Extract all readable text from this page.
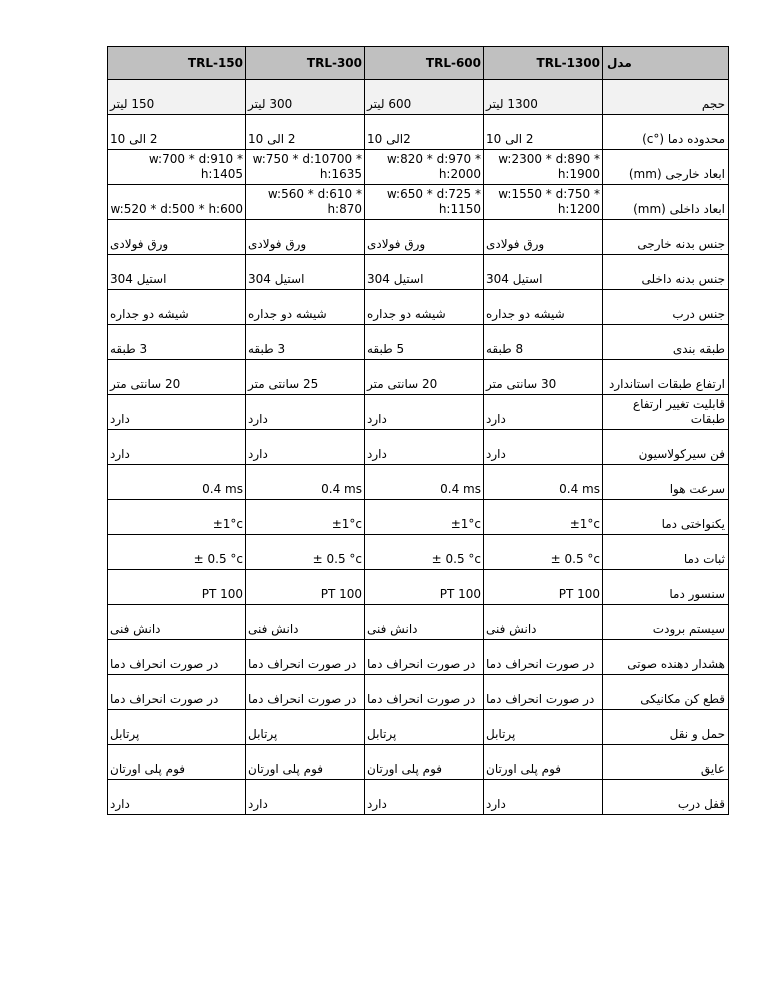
مدل	TRL-1300	TRL-600	TRL-300	TRL-150
حجم	1300 لیتر	600 لیتر	300 لیتر	150 لیتر
محدوده دما (°c)	2 الی 10	2الی 10	2 الی 10	2 الی 10
ابعاد خارجی (mm)	w:2300 * d:890 * h:1900	w:820 * d:970 * h:2000	w:750 * d:10700 * h:1635	w:700 * d:910 * h:1405
ابعاد داخلی (mm)	w:1550 * d:750 * h:1200	w:650 * d:725 * h:1150	w:560 * d:610 * h:870	w:520 * d:500 * h:600
جنس بدنه خارجی	ورق فولادی	ورق فولادی	ورق فولادی	ورق فولادی
جنس بدنه داخلی	استیل 304	استیل 304	استیل 304	استیل 304
جنس درب	شیشه دو جداره	شیشه دو جداره	شیشه دو جداره	شیشه دو جداره
طبقه بندی	8 طبقه	5 طبقه	3 طبقه	3 طبقه
ارتفاع طبقات استاندارد	30 سانتی متر	20 سانتی متر	25 سانتی متر	20 سانتی متر
قابلیت تغییر ارتفاع طبقات	دارد	دارد	دارد	دارد
فن سیرکولاسیون	دارد	دارد	دارد	دارد
سرعت هوا	0.4 ms	0.4 ms	0.4 ms	0.4 ms
یکنواختی دما	±1°c	±1°c	±1°c	±1°c
ثبات دما	± 0.5 °c	± 0.5 °c	± 0.5 °c	± 0.5 °c
سنسور دما	PT 100	PT 100	PT 100	PT 100
سیستم برودت	دانش فنی	دانش فنی	دانش فنی	دانش فنی
هشدار دهنده صوتی	در صورت انحراف دما	در صورت انحراف دما	در صورت انحراف دما	در صورت انحراف دما
قطع کن مکانیکی	در صورت انحراف دما	در صورت انحراف دما	در صورت انحراف دما	در صورت انحراف دما
حمل و نقل	پرتابل	پرتابل	پرتابل	پرتابل
عایق	فوم پلی اورتان	فوم پلی اورتان	فوم پلی اورتان	فوم پلی اورتان
قفل درب	دارد	دارد	دارد	دارد
